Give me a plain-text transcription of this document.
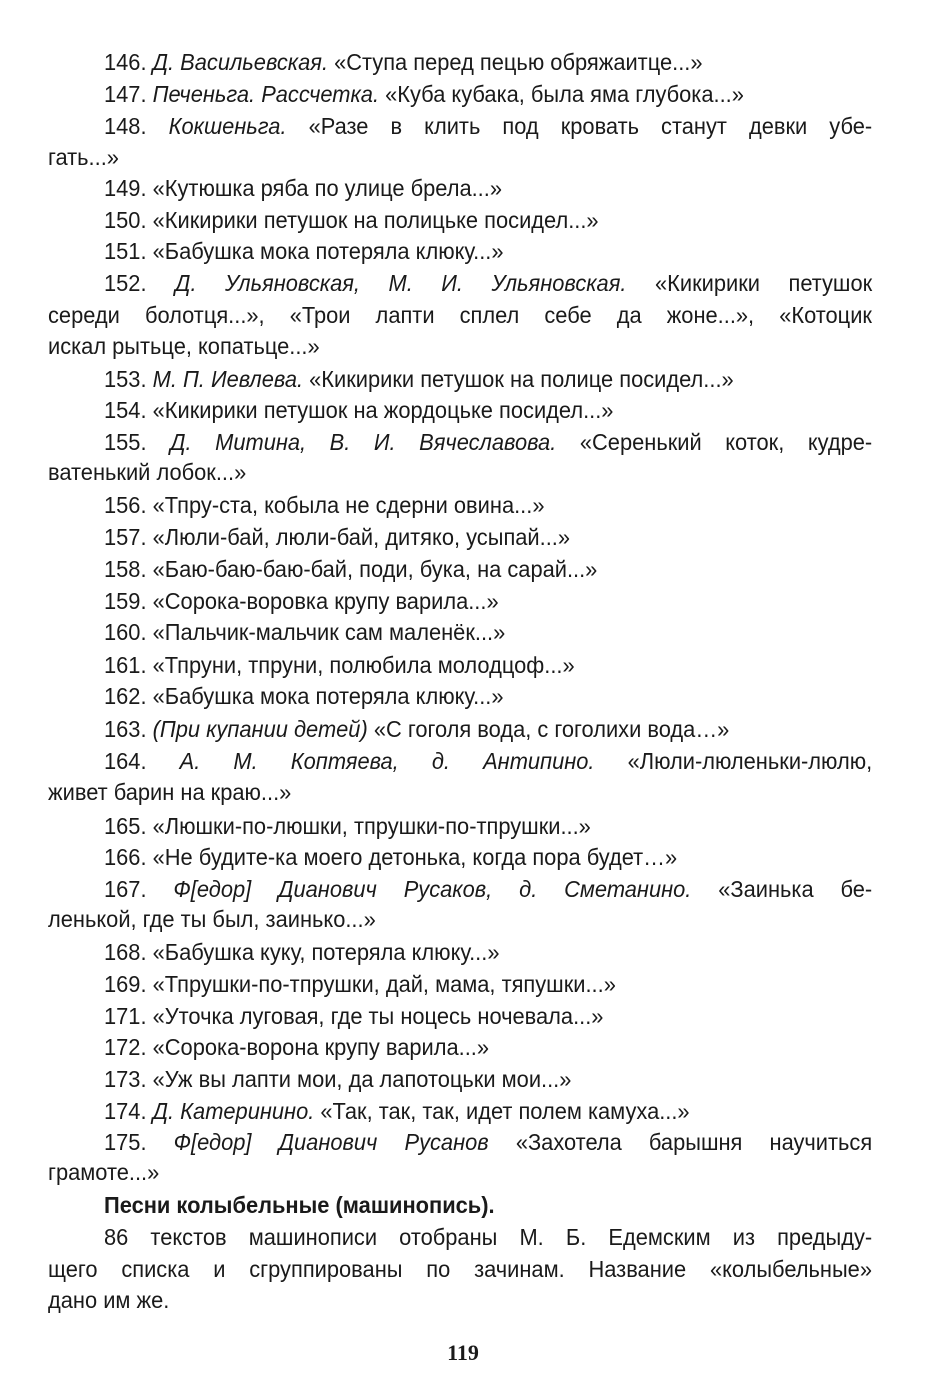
146. Д. Васильевская. «Ступа перед пецью обряжаитце...»
147. Печеньга. Рассчетка. «Куба кубака, была яма глубока...»
148. Кокшеньга. «Разе в клить под кровать станут девки убе-
гать...»
149. «Кутюшка ряба по улице брела...»
150. «Кикирики петушок на полицьке посидел...»
151. «Бабушка мока потеряла клюку...»
152. Д. Ульяновская, М. И. Ульяновская. «Кикирики петушок
середи болотця...», «Трои лапти сплел себе да жоне...», «Котоцик
искал рытьце, копатьце...»
153. М. П. Иевлева. «Кикирики петушок на полице посидел...»
154. «Кикирики петушок на жордоцьке посидел...»
155. Д. Митина, В. И. Вячеславова. «Серенький коток, кудре-
ватенький лобок...»
156. «Тпру-ста, кобыла не сдерни овина...»
157. «Люли-бай, люли-бай, дитяко, усыпай...»
158. «Баю-баю-баю-бай, поди, бука, на сарай...»
159. «Сорока-воровка крупу варила...»
160. «Пальчик-мальчик сам маленёк...»
161. «Тпруни, тпруни, полюбила молодцоф...»
162. «Бабушка мока потеряла клюку...»
163. (При купании детей) «С гоголя вода, с гоголихи вода…»
164. А. М. Коптяева, д. Антипино. «Люли-люленьки-люлю,
живет барин на краю...»
165. «Люшки-по-люшки, тпрушки-по-тпрушки...»
166. «Не будите-ка моего детонька, когда пора будет…»
167. Ф[едор] Дианович Русаков, д. Сметанино. «Заинька бе-
ленькой, где ты был, заинько...»
168. «Бабушка куку, потеряла клюку...»
169. «Тпрушки-по-тпрушки, дай, мама, тяпушки...»
171. «Уточка луговая, где ты ноцесь ночевала...»
172. «Сорока-ворона крупу варила...»
173. «Уж вы лапти мои, да лапотоцьки мои...»
174. Д. Катеринино. «Так, так, так, идет полем камуха...»
175. Ф[едор] Дианович Русанов «Захотела барышня научиться
грамоте...»
Песни колыбельные (машинопись).
86 текстов машинописи отобраны М. Б. Едемским из предыду-
щего списка и сгруппированы по зачинам. Название «колыбельные»
дано им же.
119
